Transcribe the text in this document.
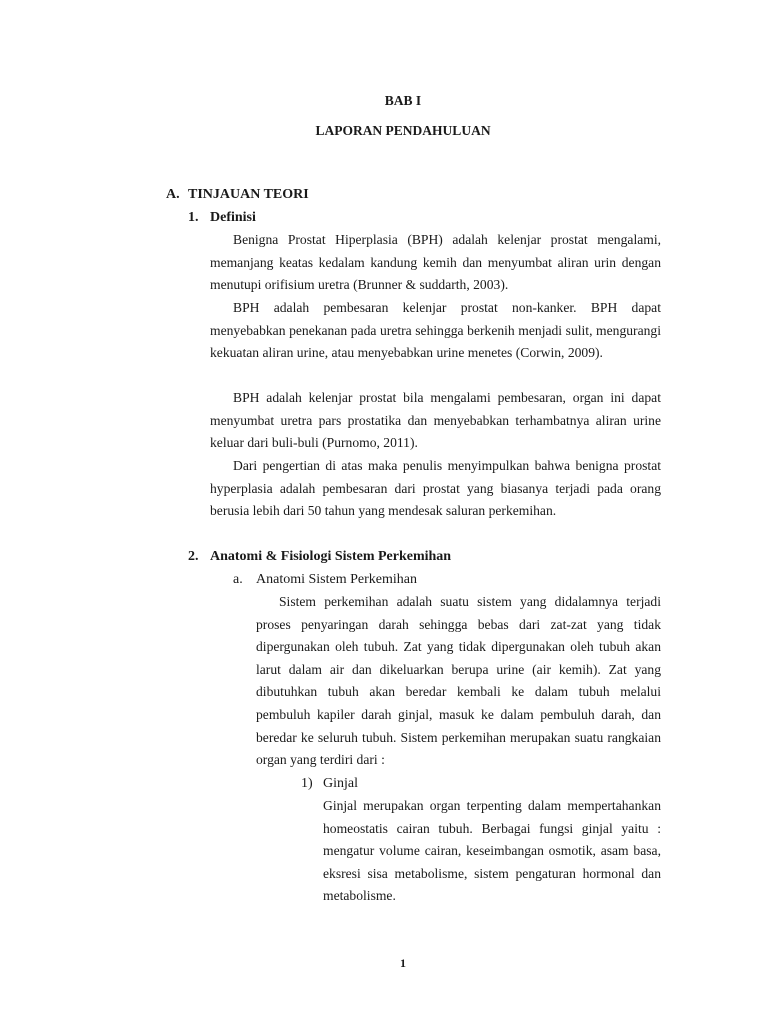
BAB I

LAPORAN PENDAHULUAN

A. TINJAUAN TEORI

1. Definisi

Benigna Prostat Hiperplasia (BPH) adalah kelenjar prostat mengalami, memanjang keatas kedalam kandung kemih dan menyumbat aliran urin dengan menutupi orifisium uretra (Brunner & suddarth, 2003).

BPH adalah pembesaran kelenjar prostat non-kanker. BPH dapat menyebabkan penekanan pada uretra sehingga berkenih menjadi sulit, mengurangi kekuatan aliran urine, atau menyebabkan urine menetes (Corwin, 2009).

BPH adalah kelenjar prostat bila mengalami pembesaran, organ ini dapat menyumbat uretra pars prostatika dan menyebabkan terhambatnya aliran urine keluar dari buli-buli (Purnomo, 2011).

Dari pengertian di atas maka penulis menyimpulkan bahwa benigna prostat hyperplasia adalah pembesaran dari prostat yang biasanya terjadi pada orang berusia lebih dari 50 tahun yang mendesak saluran perkemihan.

2. Anatomi & Fisiologi Sistem Perkemihan

a. Anatomi Sistem Perkemihan

Sistem perkemihan adalah suatu sistem yang didalamnya terjadi proses penyaringan darah sehingga bebas dari zat-zat yang tidak dipergunakan oleh tubuh. Zat yang tidak dipergunakan oleh tubuh akan larut dalam air dan dikeluarkan berupa urine (air kemih). Zat yang dibutuhkan tubuh akan beredar kembali ke dalam tubuh melalui pembuluh kapiler darah ginjal, masuk ke dalam pembuluh darah, dan beredar ke seluruh tubuh. Sistem perkemihan merupakan suatu rangkaian organ yang terdiri dari :

1) Ginjal

Ginjal merupakan organ terpenting dalam mempertahankan homeostatis cairan tubuh. Berbagai fungsi ginjal yaitu : mengatur volume cairan, keseimbangan osmotik, asam basa, eksresi sisa metabolisme, sistem pengaturan hormonal dan metabolisme.

1
